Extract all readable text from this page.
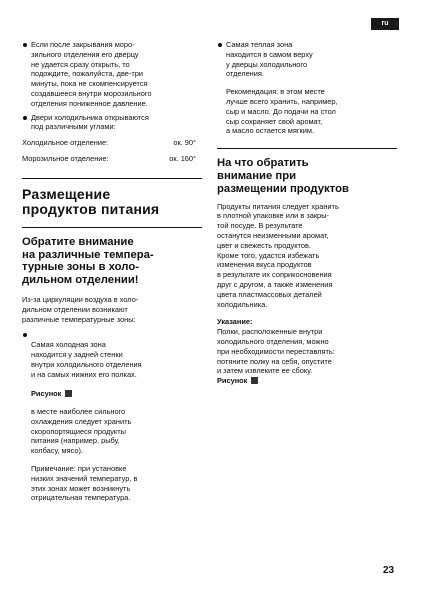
ru
Если после закрывания моро-
зильного отделения его дверцу
не удается сразу открыть, то
подождите, пожалуйста, две-три
минуты, пока не скомпенсируется
создавшееся внутри морозильного
отделения пониженное давление.
Двери холодильника открываются
под различными углами:
Холодильное отделение:	ок. 90°
Морозильное отделение:	ок. 160°
Размещение
продуктов питания
Обратите внимание
на различные темпера-
турные зоны в холо-
дильном отделении!
Из-за циркуляции воздуха в холо-
дильном отделении возникают
различные температурные зоны:

Самая холодная зона
находится у задней стенки
внутри холодильного отделения
и на самых нижних его полках.

Рисунок

в месте наиболее сильного
охлаждения следует хранить
скоропортящиеся продукты
питания (например, рыбу,
колбасу, мясо).
Примечание: при установке
низких значений температур, в
этих зонах может возникнуть
отрицательная температура.
Самая теплая зона
находится в самом верху
у дверцы холодильного
отделения.
Рекомендация: в этом месте
лучше всего хранить, например,
сыр и масло. До подачи на стол
сыр сохраняет свой аромат,
а масло остается мягким.
На что обратить
внимание при
размещении продуктов
Продукты питания следует хранить
в плотной упаковке или в закры-
той посуде. В результате
останутся неизменными аромат,
цвет и свежесть продуктов.
Кроме того, удастся избежать
изменения вкуса продуктов
в результате их соприкосновения
друг с другом, а также изменения
цвета пластмассовых деталей
холодильника.
Указание:
Полки, расположенные внутри
холодильного отделения, можно
при необходимости переставлять:
потяните полку на себя, опустите
и затем извлеките ее сбоку.
Рисунок
23
